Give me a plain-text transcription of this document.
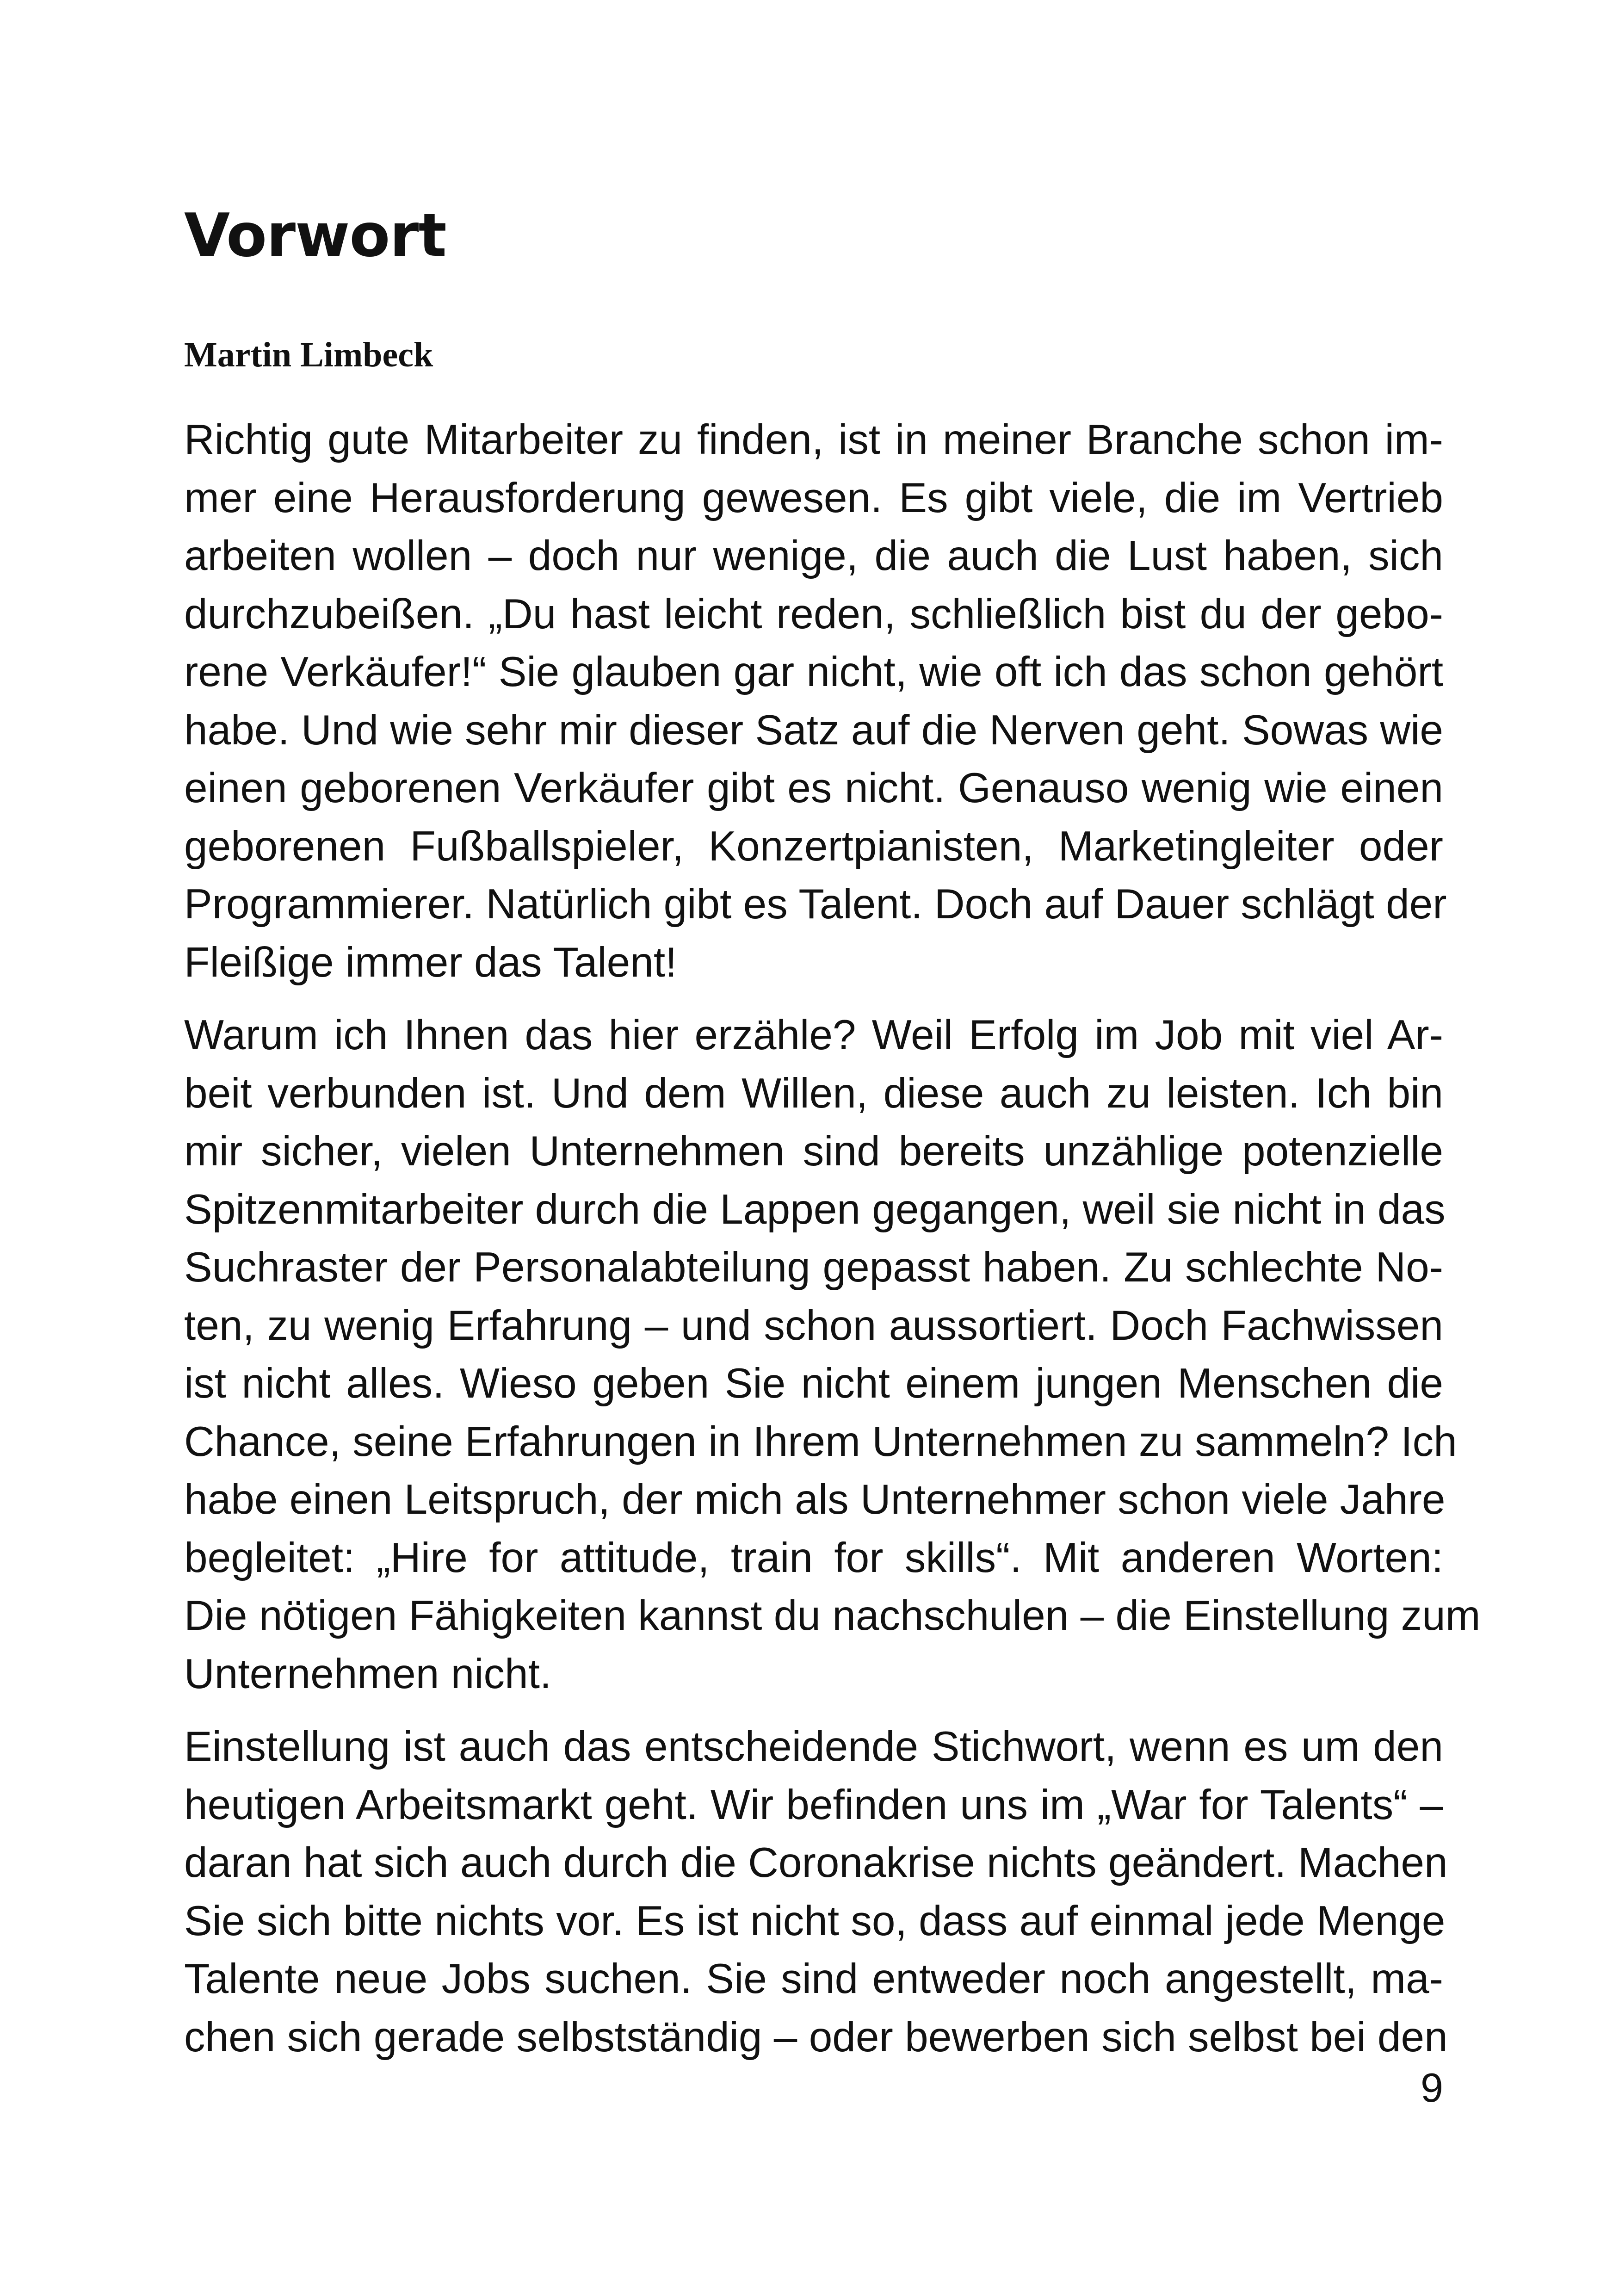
Vorwort

Martin Limbeck

Richtig gute Mitarbeiter zu finden, ist in meiner Branche schon im-
mer eine Herausforderung gewesen. Es gibt viele, die im Vertrieb
arbeiten wollen – doch nur wenige, die auch die Lust haben, sich
durchzubeißen. „Du hast leicht reden, schließlich bist du der gebo-
rene Verkäufer!“ Sie glauben gar nicht, wie oft ich das schon gehört
habe. Und wie sehr mir dieser Satz auf die Nerven geht. Sowas wie
einen geborenen Verkäufer gibt es nicht. Genauso wenig wie einen
geborenen Fußballspieler, Konzertpianisten, Marketingleiter oder
Programmierer. Natürlich gibt es Talent. Doch auf Dauer schlägt der
Fleißige immer das Talent!

Warum ich Ihnen das hier erzähle? Weil Erfolg im Job mit viel Ar-
beit verbunden ist. Und dem Willen, diese auch zu leisten. Ich bin
mir sicher, vielen Unternehmen sind bereits unzählige potenzielle
Spitzenmitarbeiter durch die Lappen gegangen, weil sie nicht in das
Suchraster der Personalabteilung gepasst haben. Zu schlechte No-
ten, zu wenig Erfahrung – und schon aussortiert. Doch Fachwissen
ist nicht alles. Wieso geben Sie nicht einem jungen Menschen die
Chance, seine Erfahrungen in Ihrem Unternehmen zu sammeln? Ich
habe einen Leitspruch, der mich als Unternehmer schon viele Jahre
begleitet: „Hire for attitude, train for skills“. Mit anderen Worten:
Die nötigen Fähigkeiten kannst du nachschulen – die Einstellung zum
Unternehmen nicht.

Einstellung ist auch das entscheidende Stichwort, wenn es um den
heutigen Arbeitsmarkt geht. Wir befinden uns im „War for Talents“ –
daran hat sich auch durch die Coronakrise nichts geändert. Machen
Sie sich bitte nichts vor. Es ist nicht so, dass auf einmal jede Menge
Talente neue Jobs suchen. Sie sind entweder noch angestellt, ma-
chen sich gerade selbstständig – oder bewerben sich selbst bei den

9
